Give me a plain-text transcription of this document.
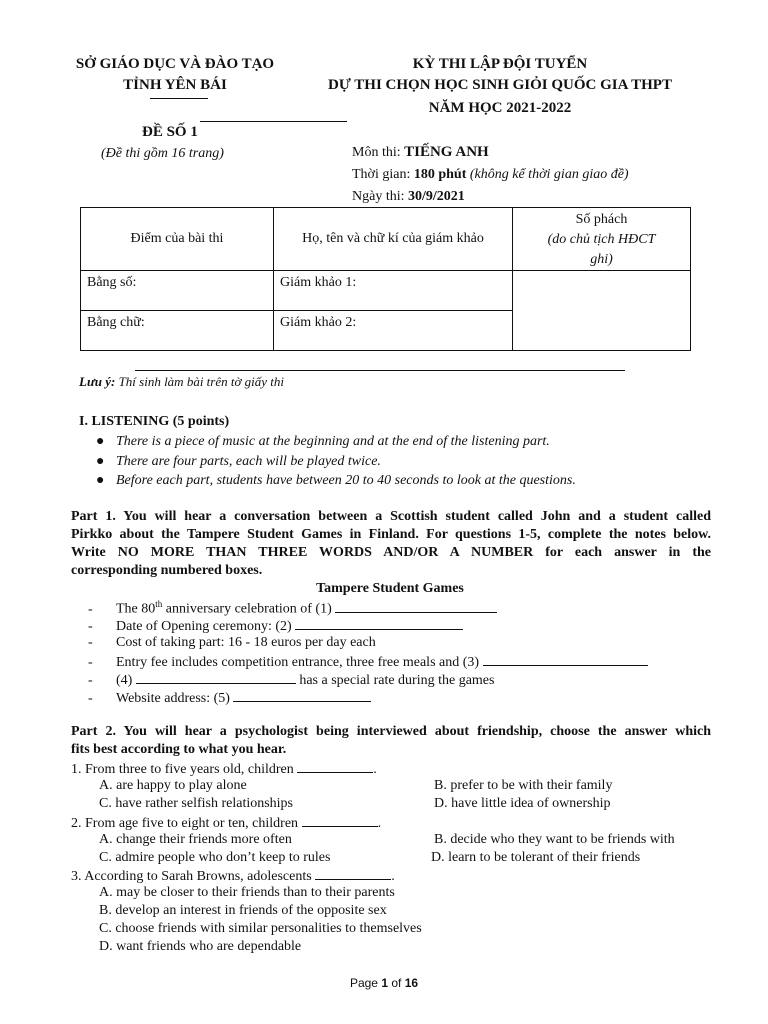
SỞ GIÁO DỤC VÀ ĐÀO TẠO
TỈNH YÊN BÁI
KỲ THI LẬP ĐỘI TUYỂN
DỰ THI CHỌN HỌC SINH GIỎI QUỐC GIA THPT
NĂM HỌC 2021-2022
ĐỀ SỐ 1
(Đề thi gồm 16 trang)	Môn thi: TIẾNG ANH
Thời gian: 180 phút (không kể thời gian giao đề)
Ngày thi: 30/9/2021
Điểm của bài thi	Họ, tên và chữ kí của giám khảo	Số phách
(do chủ tịch HĐCT
ghi)

Bằng số:	Giám khảo 1:	
Bằng chữ:	Giám khảo 2:	
Lưu ý: Thí sinh làm bài trên tờ giấy thi
I. LISTENING (5 points)
● There is a piece of music at the beginning and at the end of the listening part.
● There are four parts, each will be played twice.
● Before each part, students have between 20 to 40 seconds to look at the questions.
Part 1. You will hear a conversation between a Scottish student called John and a student called
Pirkko about the Tampere Student Games in Finland. For questions 1-5, complete the notes below.
Write NO MORE THAN THREE WORDS AND/OR A NUMBER for each answer in the
corresponding numbered boxes.
Tampere Student Games
- The 80th anniversary celebration of (1)
- Date of Opening ceremony: (2)
- Cost of taking part: 16 - 18 euros per day each
- Entry fee includes competition entrance, three free meals and (3)
- (4)	has a special rate during the games
- Website address: (5)
Part 2. You will hear a psychologist being interviewed about friendship, choose the answer which
fits best according to what you hear.
1. From three to five years old, children	.
A. are happy to play alone	B. prefer to be with their family
C. have rather selfish relationships	D. have little idea of ownership
2. From age five to eight or ten, children	.
A. change their friends more often	B. decide who they want to be friends with
C. admire people who don’t keep to rules	D. learn to be tolerant of their friends
3. According to Sarah Browns, adolescents	.
A. may be closer to their friends than to their parents
B. develop an interest in friends of the opposite sex
C. choose friends with similar personalities to themselves
D. want friends who are dependable
Page 1 of 16
